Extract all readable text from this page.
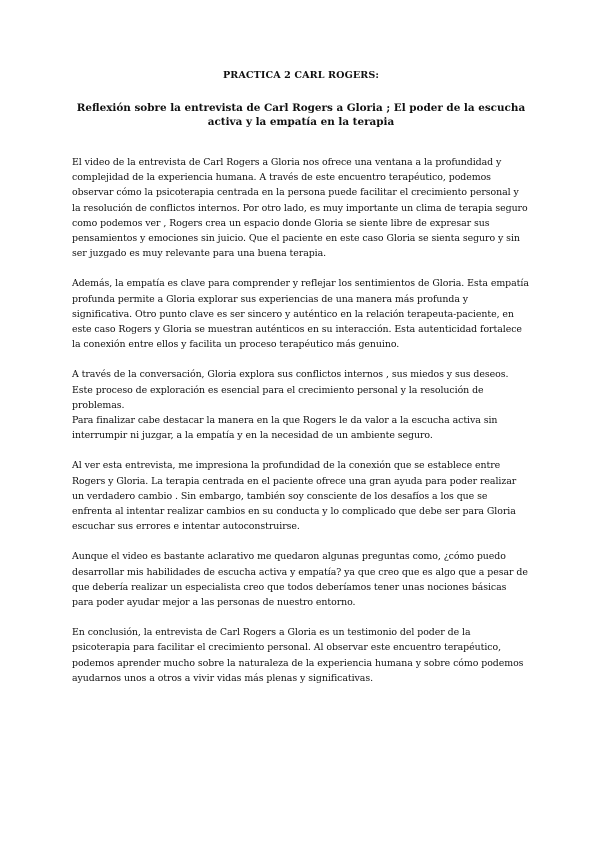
PRACTICA 2 CARL ROGERS:
Reflexión sobre la entrevista de Carl Rogers a Gloria ; El poder de la escucha activa y la empatía en la terapia

El video de la entrevista de Carl Rogers a Gloria nos ofrece una ventana a la profundidad y complejidad de la experiencia humana. A través de este encuentro terapéutico, podemos observar cómo la psicoterapia centrada en la persona puede facilitar el crecimiento personal y la resolución de conflictos internos. Por otro lado, es muy importante un clima de terapia seguro como podemos ver , Rogers crea un espacio donde Gloria se siente libre de expresar sus pensamientos y emociones sin juicio. Que el paciente en este caso Gloria se sienta seguro y sin ser juzgado es muy relevante para una buena terapia.

Además, la empatía es clave para comprender y reflejar los sentimientos de Gloria. Esta empatía profunda permite a Gloria explorar sus experiencias de una manera más profunda y significativa. Otro punto clave es ser sincero y auténtico en la relación terapeuta-paciente, en este caso Rogers y Gloria se muestran auténticos en su interacción. Esta autenticidad fortalece la conexión entre ellos y facilita un proceso terapéutico más genuino.

A través de la conversación, Gloria explora sus conflictos internos , sus miedos y sus deseos. Este proceso de exploración es esencial para el crecimiento personal y la resolución de problemas.

Para finalizar cabe destacar la manera en la que Rogers le da valor a la escucha activa sin interrumpir ni juzgar, a la empatía y en la necesidad de un ambiente seguro.

Al ver esta entrevista, me impresiona la profundidad de la conexión que se establece entre Rogers y Gloria. La terapia centrada en el paciente ofrece una gran ayuda para poder realizar un verdadero cambio . Sin embargo, también soy consciente de los desafíos a los que se enfrenta al intentar realizar cambios en su conducta y lo complicado que debe ser para Gloria escuchar sus errores e intentar autoconstruirse.

Aunque el video es bastante aclarativo me quedaron algunas preguntas como, ¿cómo puedo desarrollar mis habilidades de escucha activa y empatía? ya que creo que es algo que a pesar de que debería realizar un especialista creo que todos deberíamos tener unas nociones básicas para poder ayudar mejor a las personas de nuestro entorno.

En conclusión, la entrevista de Carl Rogers a Gloria es un testimonio del poder de la psicoterapia para facilitar el crecimiento personal. Al observar este encuentro terapéutico, podemos aprender mucho sobre la naturaleza de la experiencia humana y sobre cómo podemos ayudarnos unos a otros a vivir vidas más plenas y significativas.
